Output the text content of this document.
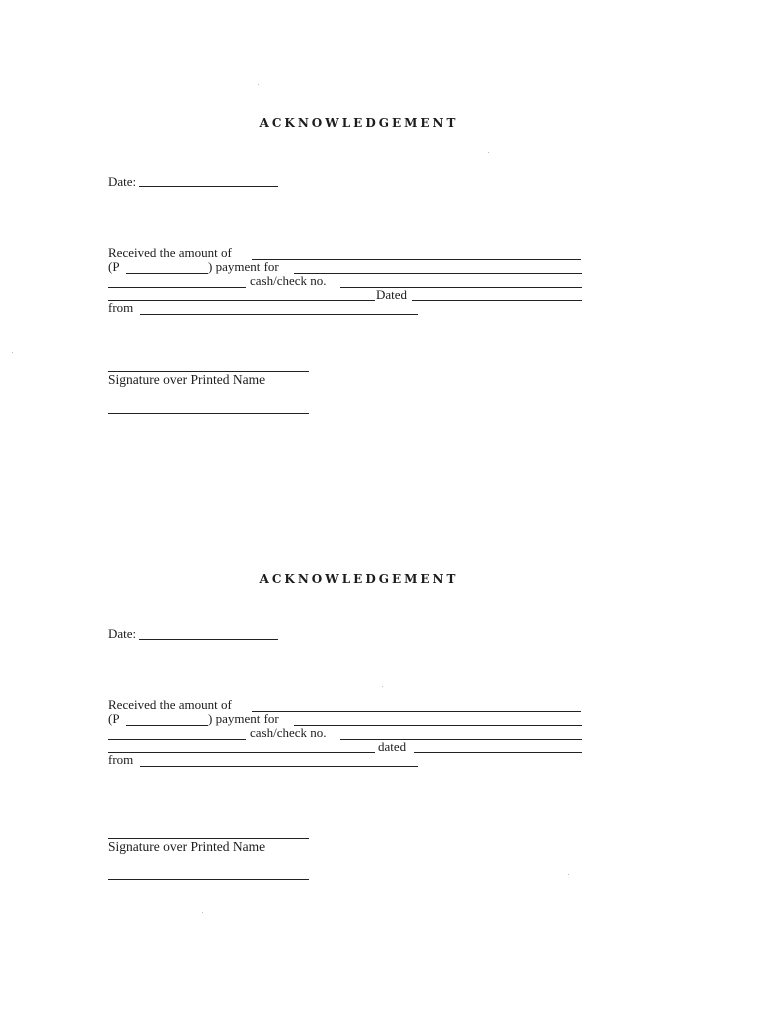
ACKNOWLEDGEMENT
Date:
Received the amount of
(P	) payment for
cash/check no.
Dated
from
Signature over Printed Name
ACKNOWLEDGEMENT
Date:
Received the amount of
(P	) payment for
cash/check no.
dated
from
Signature over Printed Name
